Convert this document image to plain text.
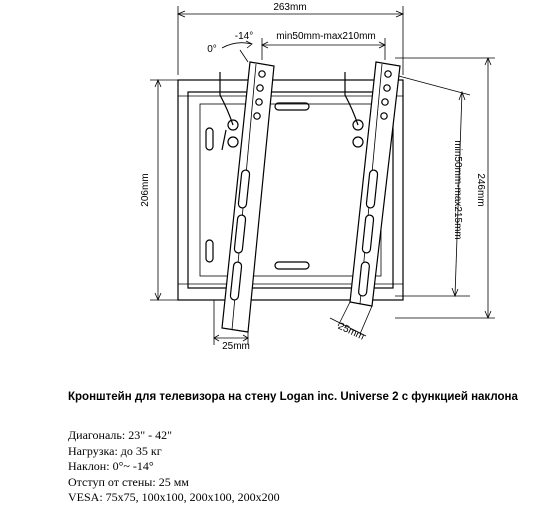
263mm
min50mm-max210mm
-14°
0°
206mm	246mm
min50mm-max215mm
25mm
25mm
Кронштейн для телевизора на стену Logan inc. Universe 2 с функцией наклона
Диагональ: 23" - 42"
Нагрузка: до 35 кг
Наклон: 0°~ -14°
Отступ от стены: 25 мм
VESA: 75x75, 100x100, 200x100, 200x200
